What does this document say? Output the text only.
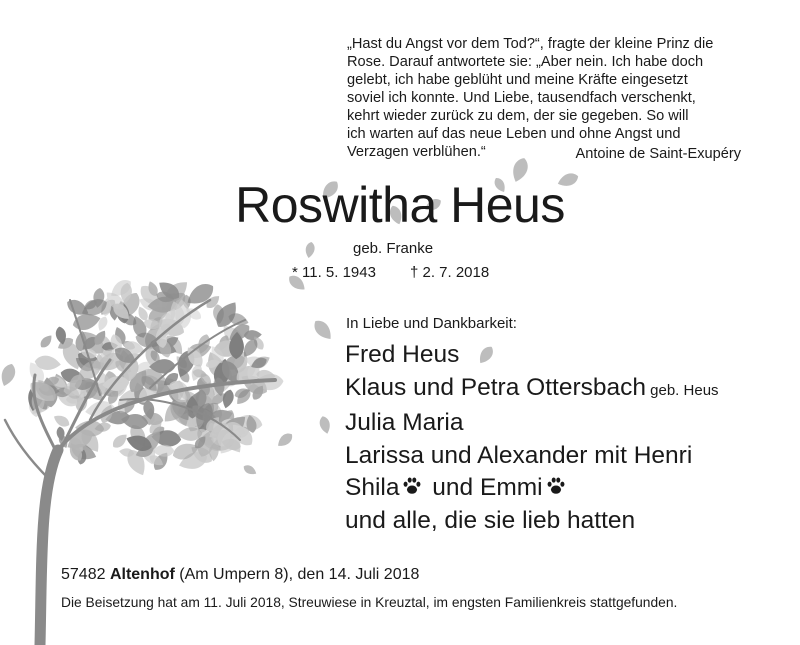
„Hast du Angst vor dem Tod?“, fragte der kleine Prinz die
Rose. Darauf antwortete sie: „Aber nein. Ich habe doch
gelebt, ich habe geblüht und meine Kräfte eingesetzt
soviel ich konnte. Und Liebe, tausendfach verschenkt,
kehrt wieder zurück zu dem, der sie gegeben. So will
ich warten auf das neue Leben und ohne Angst und
Verzagen verblühen.“	Antoine de Saint-Exupéry
Roswitha Heus
geb. Franke
* 11. 5. 1943 † 2. 7. 2018
In Liebe und Dankbarkeit:
Fred Heus
Klaus und Petra Ottersbach geb. Heus
Julia Maria
Larissa und Alexander mit Henri
Shila und Emmi
und alle, die sie lieb hatten
57482 Altenhof (Am Umpern 8), den 14. Juli 2018
Die Beisetzung hat am 11. Juli 2018, Streuwiese in Kreuztal, im engsten Familienkreis stattgefunden.
